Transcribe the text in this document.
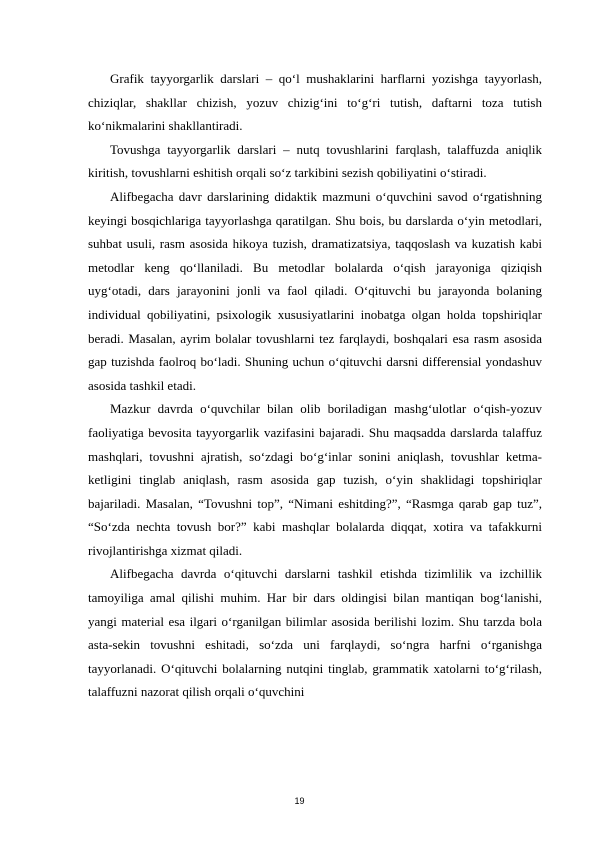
Grafik tayyorgarlik darslari – qo‘l mushaklarini harflarni yozishga tayyorlash, chiziqlar, shakllar chizish, yozuv chizig‘ini to‘g‘ri tutish, daftarni toza tutish ko‘nikmalarini shakllantiradi.

Tovushga tayyorgarlik darslari – nutq tovushlarini farqlash, talaffuzda aniqlik kiritish, tovushlarni eshitish orqali so‘z tarkibini sezish qobiliyatini o‘stiradi.

Alifbegacha davr darslarining didaktik mazmuni o‘quvchini savod o‘rgatishning keyingi bosqichlariga tayyorlashga qaratilgan. Shu bois, bu darslarda o‘yin metodlari, suhbat usuli, rasm asosida hikoya tuzish, dramatizatsiya, taqqoslash va kuzatish kabi metodlar keng qo‘llaniladi. Bu metodlar bolalarda o‘qish jarayoniga qiziqish uyg‘otadi, dars jarayonini jonli va faol qiladi. O‘qituvchi bu jarayonda bolaning individual qobiliyatini, psixologik xususiyatlarini inobatga olgan holda topshiriqlar beradi. Masalan, ayrim bolalar tovushlarni tez farqlaydi, boshqalari esa rasm asosida gap tuzishda faolroq bo‘ladi. Shuning uchun o‘qituvchi darsni differensial yondashuv asosida tashkil etadi.

Mazkur davrda o‘quvchilar bilan olib boriladigan mashg‘ulotlar o‘qish-yozuv faoliyatiga bevosita tayyorgarlik vazifasini bajaradi. Shu maqsadda darslarda talaffuz mashqlari, tovushni ajratish, so‘zdagi bo‘g‘inlar sonini aniqlash, tovushlar ketma-ketligini tinglab aniqlash, rasm asosida gap tuzish, o‘yin shaklidagi topshiriqlar bajariladi. Masalan, “Tovushni top”, “Nimani eshitding?”, “Rasmga qarab gap tuz”, “So‘zda nechta tovush bor?” kabi mashqlar bolalarda diqqat, xotira va tafakkurni rivojlantirishga xizmat qiladi.

Alifbegacha davrda o‘qituvchi darslarni tashkil etishda tizimlilik va izchillik tamoyiliga amal qilishi muhim. Har bir dars oldingisi bilan mantiqan bog‘lanishi, yangi material esa ilgari o‘rganilgan bilimlar asosida berilishi lozim. Shu tarzda bola asta-sekin tovushni eshitadi, so‘zda uni farqlaydi, so‘ngra harfni o‘rganishga tayyorlanadi. O‘qituvchi bolalarning nutqini tinglab, grammatik xatolarni to‘g‘rilash, talaffuzni nazorat qilish orqali o‘quvchini

19
